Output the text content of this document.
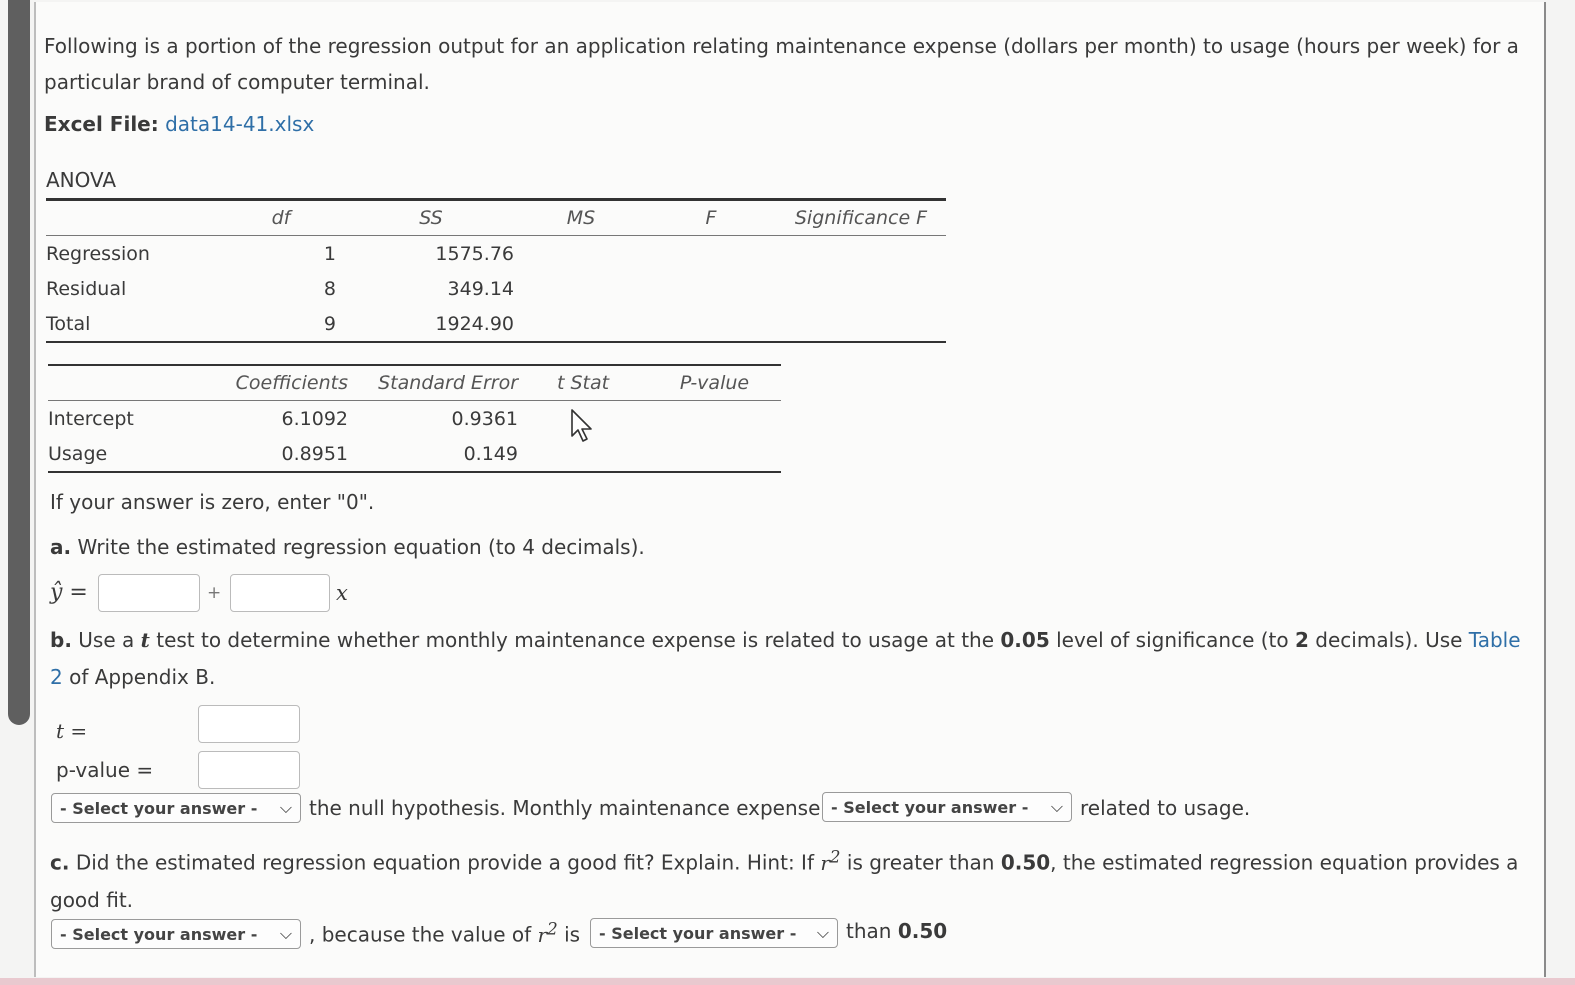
Following is a portion of the regression output for an application relating maintenance expense (dollars per month) to usage (hours per week) for a particular brand of computer terminal.
Excel File: data14-41.xlsx
ANOVA
	df	SS	MS	F	Significance F
Regression	1	1575.76			
Residual	8	349.14			
Total	9	1924.90			
	Coefficients	Standard Error	t Stat	P-value
Intercept	6.1092	0.9361		
Usage	0.8951	0.149		
If your answer is zero, enter "0".
a. Write the estimated regression equation (to 4 decimals).
ŷ =	+	x
b. Use a t test to determine whether monthly maintenance expense is related to usage at the 0.05 level of significance (to 2 decimals). Use Table 2 of Appendix B.
t =
p-value =
- Select your answer - ⌵ the null hypothesis. Monthly maintenance expense - Select your answer - ⌵ related to usage.
c. Did the estimated regression equation provide a good fit? Explain. Hint: If $r^2$ is greater than 0.50, the estimated regression equation provides a good fit.
- Select your answer - ⌵ , because the value of $r^2$ is - Select your answer - ⌵ than 0.50
